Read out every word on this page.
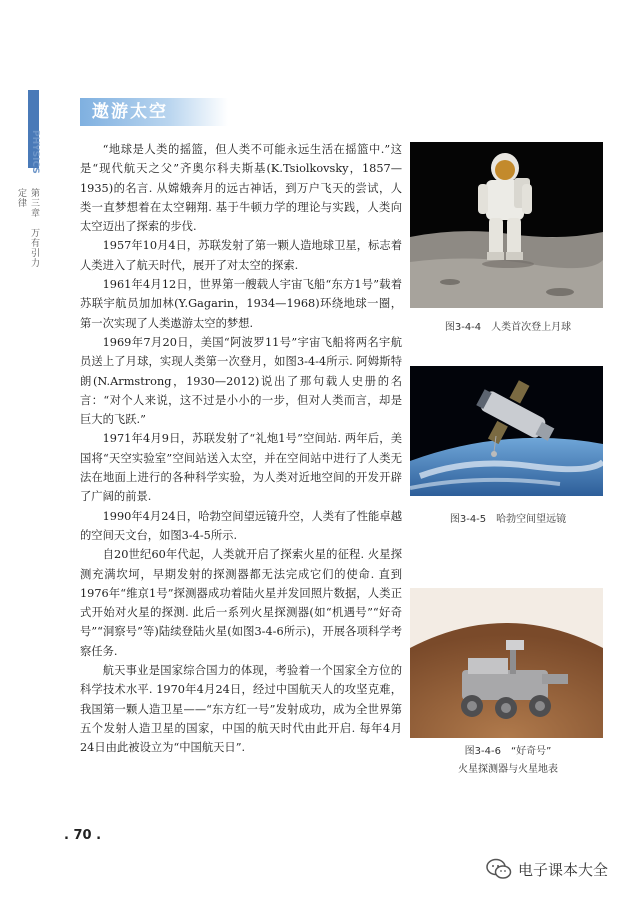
PHYSICS
第三章　万有引力定律
遨游太空

“地球是人类的摇篮，但人类不可能永远生活在摇篮中.”这是“现代航天之父”齐奥尔科夫斯基(K.Tsiolkovsky，1857—1935)的名言. 从嫦娥奔月的远古神话，到万户飞天的尝试，人类一直梦想着在太空翱翔. 基于牛顿力学的理论与实践，人类向太空迈出了探索的步伐.

1957年10月4日，苏联发射了第一颗人造地球卫星，标志着人类进入了航天时代，展开了对太空的探索.

1961年4月12日，世界第一艘载人宇宙飞船“东方1号”载着苏联宇航员加加林(Y.Gagarin，1934—1968)环绕地球一圈，第一次实现了人类遨游太空的梦想.

1969年7月20日，美国“阿波罗11号”宇宙飞船将两名宇航员送上了月球，实现人类第一次登月，如图3-4-4所示. 阿姆斯特朗(N.Armstrong，1930—2012)说出了那句载人史册的名言：“对个人来说，这不过是小小的一步，但对人类而言，却是巨大的飞跃.”

1971年4月9日，苏联发射了“礼炮1号”空间站. 两年后，美国将“天空实验室”空间站送入太空，并在空间站中进行了人类无法在地面上进行的各种科学实验，为人类对近地空间的开发开辟了广阔的前景.

1990年4月24日，哈勃空间望远镜升空，人类有了性能卓越的空间天文台，如图3-4-5所示.

自20世纪60年代起，人类就开启了探索火星的征程. 火星探测充满坎坷，早期发射的探测器都无法完成它们的使命. 直到1976年“维京1号”探测器成功着陆火星并发回照片数据，人类正式开始对火星的探测. 此后一系列火星探测器(如“机遇号”“好奇号”“洞察号”等)陆续登陆火星(如图3-4-6所示)，开展各项科学考察任务.

航天事业是国家综合国力的体现，考验着一个国家全方位的科学技术水平. 1970年4月24日，经过中国航天人的攻坚克难，我国第一颗人造卫星——“东方红一号”发射成功，成为全世界第五个发射人造卫星的国家，中国的航天时代由此开启. 每年4月24日由此被设立为“中国航天日”.

图3-4-4　人类首次登上月球
图3-4-5　哈勃空间望远镜
图3-4-6　“好奇号”
火星探测器与火星地表
. 70 .
电子课本大全
